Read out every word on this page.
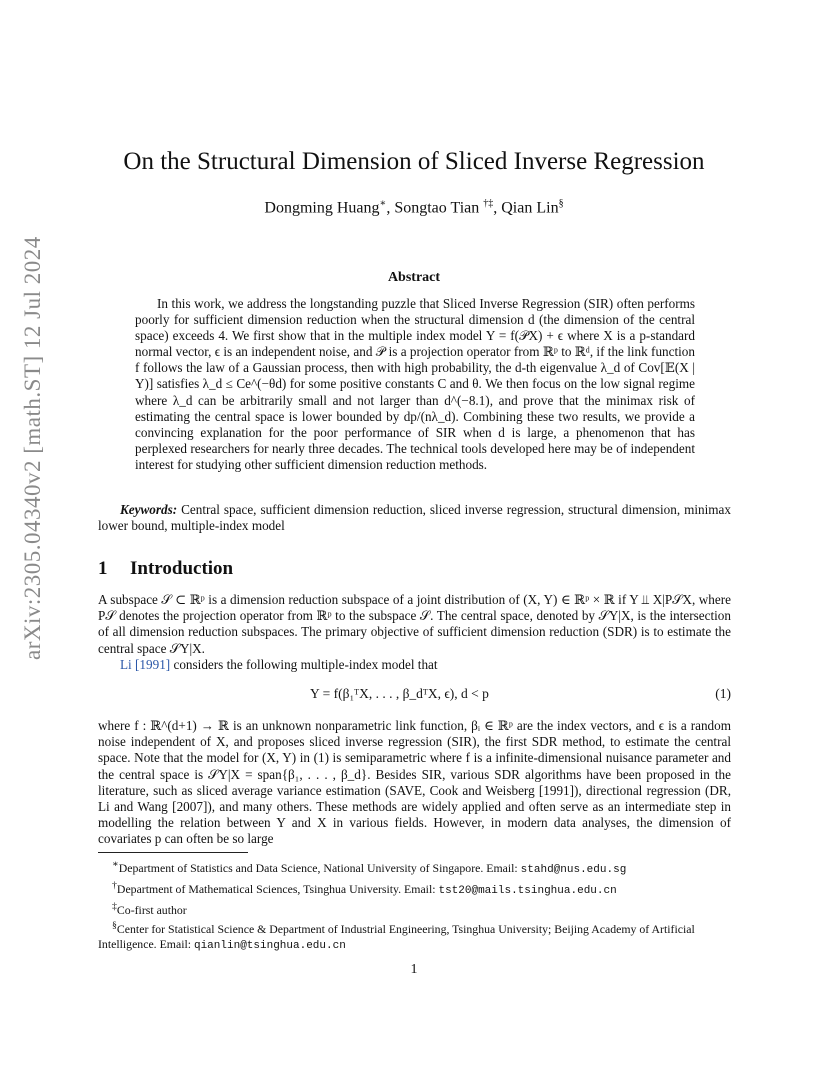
arXiv:2305.04340v2 [math.ST] 12 Jul 2024
On the Structural Dimension of Sliced Inverse Regression
Dongming Huang∗, Songtao Tian †‡, Qian Lin§
Abstract

In this work, we address the longstanding puzzle that Sliced Inverse Regression (SIR) often performs poorly for sufficient dimension reduction when the structural dimension d (the dimension of the central space) exceeds 4. We first show that in the multiple index model Y = f(𝒫X) + ϵ where X is a p-standard normal vector, ϵ is an independent noise, and 𝒫 is a projection operator from ℝᵖ to ℝᵈ, if the link function f follows the law of a Gaussian process, then with high probability, the d-th eigenvalue λ_d of Cov[𝔼(X | Y)] satisfies λ_d ≤ Ce^(−θd) for some positive constants C and θ. We then focus on the low signal regime where λ_d can be arbitrarily small and not larger than d^(−8.1), and prove that the minimax risk of estimating the central space is lower bounded by dp/(nλ_d). Combining these two results, we provide a convincing explanation for the poor performance of SIR when d is large, a phenomenon that has perplexed researchers for nearly three decades. The technical tools developed here may be of independent interest for studying other sufficient dimension reduction methods.

Keywords: Central space, sufficient dimension reduction, sliced inverse regression, structural dimension, minimax lower bound, multiple-index model
1 Introduction

A subspace 𝒮 ⊂ ℝᵖ is a dimension reduction subspace of a joint distribution of (X, Y) ∈ ℝᵖ × ℝ if Y ⫫ X|P𝒮X, where P𝒮 denotes the projection operator from ℝᵖ to the subspace 𝒮. The central space, denoted by 𝒮Y|X, is the intersection of all dimension reduction subspaces. The primary objective of sufficient dimension reduction (SDR) is to estimate the central space 𝒮Y|X.

Li [1991] considers the following multiple-index model that

Y = f(β₁ᵀX, . . . , β_dᵀX, ϵ), d < p	(1)

where f : ℝ^(d+1) → ℝ is an unknown nonparametric link function, βᵢ ∈ ℝᵖ are the index vectors, and ϵ is a random noise independent of X, and proposes sliced inverse regression (SIR), the first SDR method, to estimate the central space. Note that the model for (X, Y) in (1) is semiparametric where f is a infinite-dimensional nuisance parameter and the central space is 𝒮Y|X = span{β₁, . . . , β_d}. Besides SIR, various SDR algorithms have been proposed in the literature, such as sliced average variance estimation (SAVE, Cook and Weisberg [1991]), directional regression (DR, Li and Wang [2007]), and many others. These methods are widely applied and often serve as an intermediate step in modelling the relation between Y and X in various fields. However, in modern data analyses, the dimension of covariates p can often be so large

∗Department of Statistics and Data Science, National University of Singapore. Email: stahd@nus.edu.sg

†Department of Mathematical Sciences, Tsinghua University. Email: tst20@mails.tsinghua.edu.cn

‡Co-first author

§Center for Statistical Science & Department of Industrial Engineering, Tsinghua University; Beijing Academy of Artificial Intelligence. Email: qianlin@tsinghua.edu.cn

1
